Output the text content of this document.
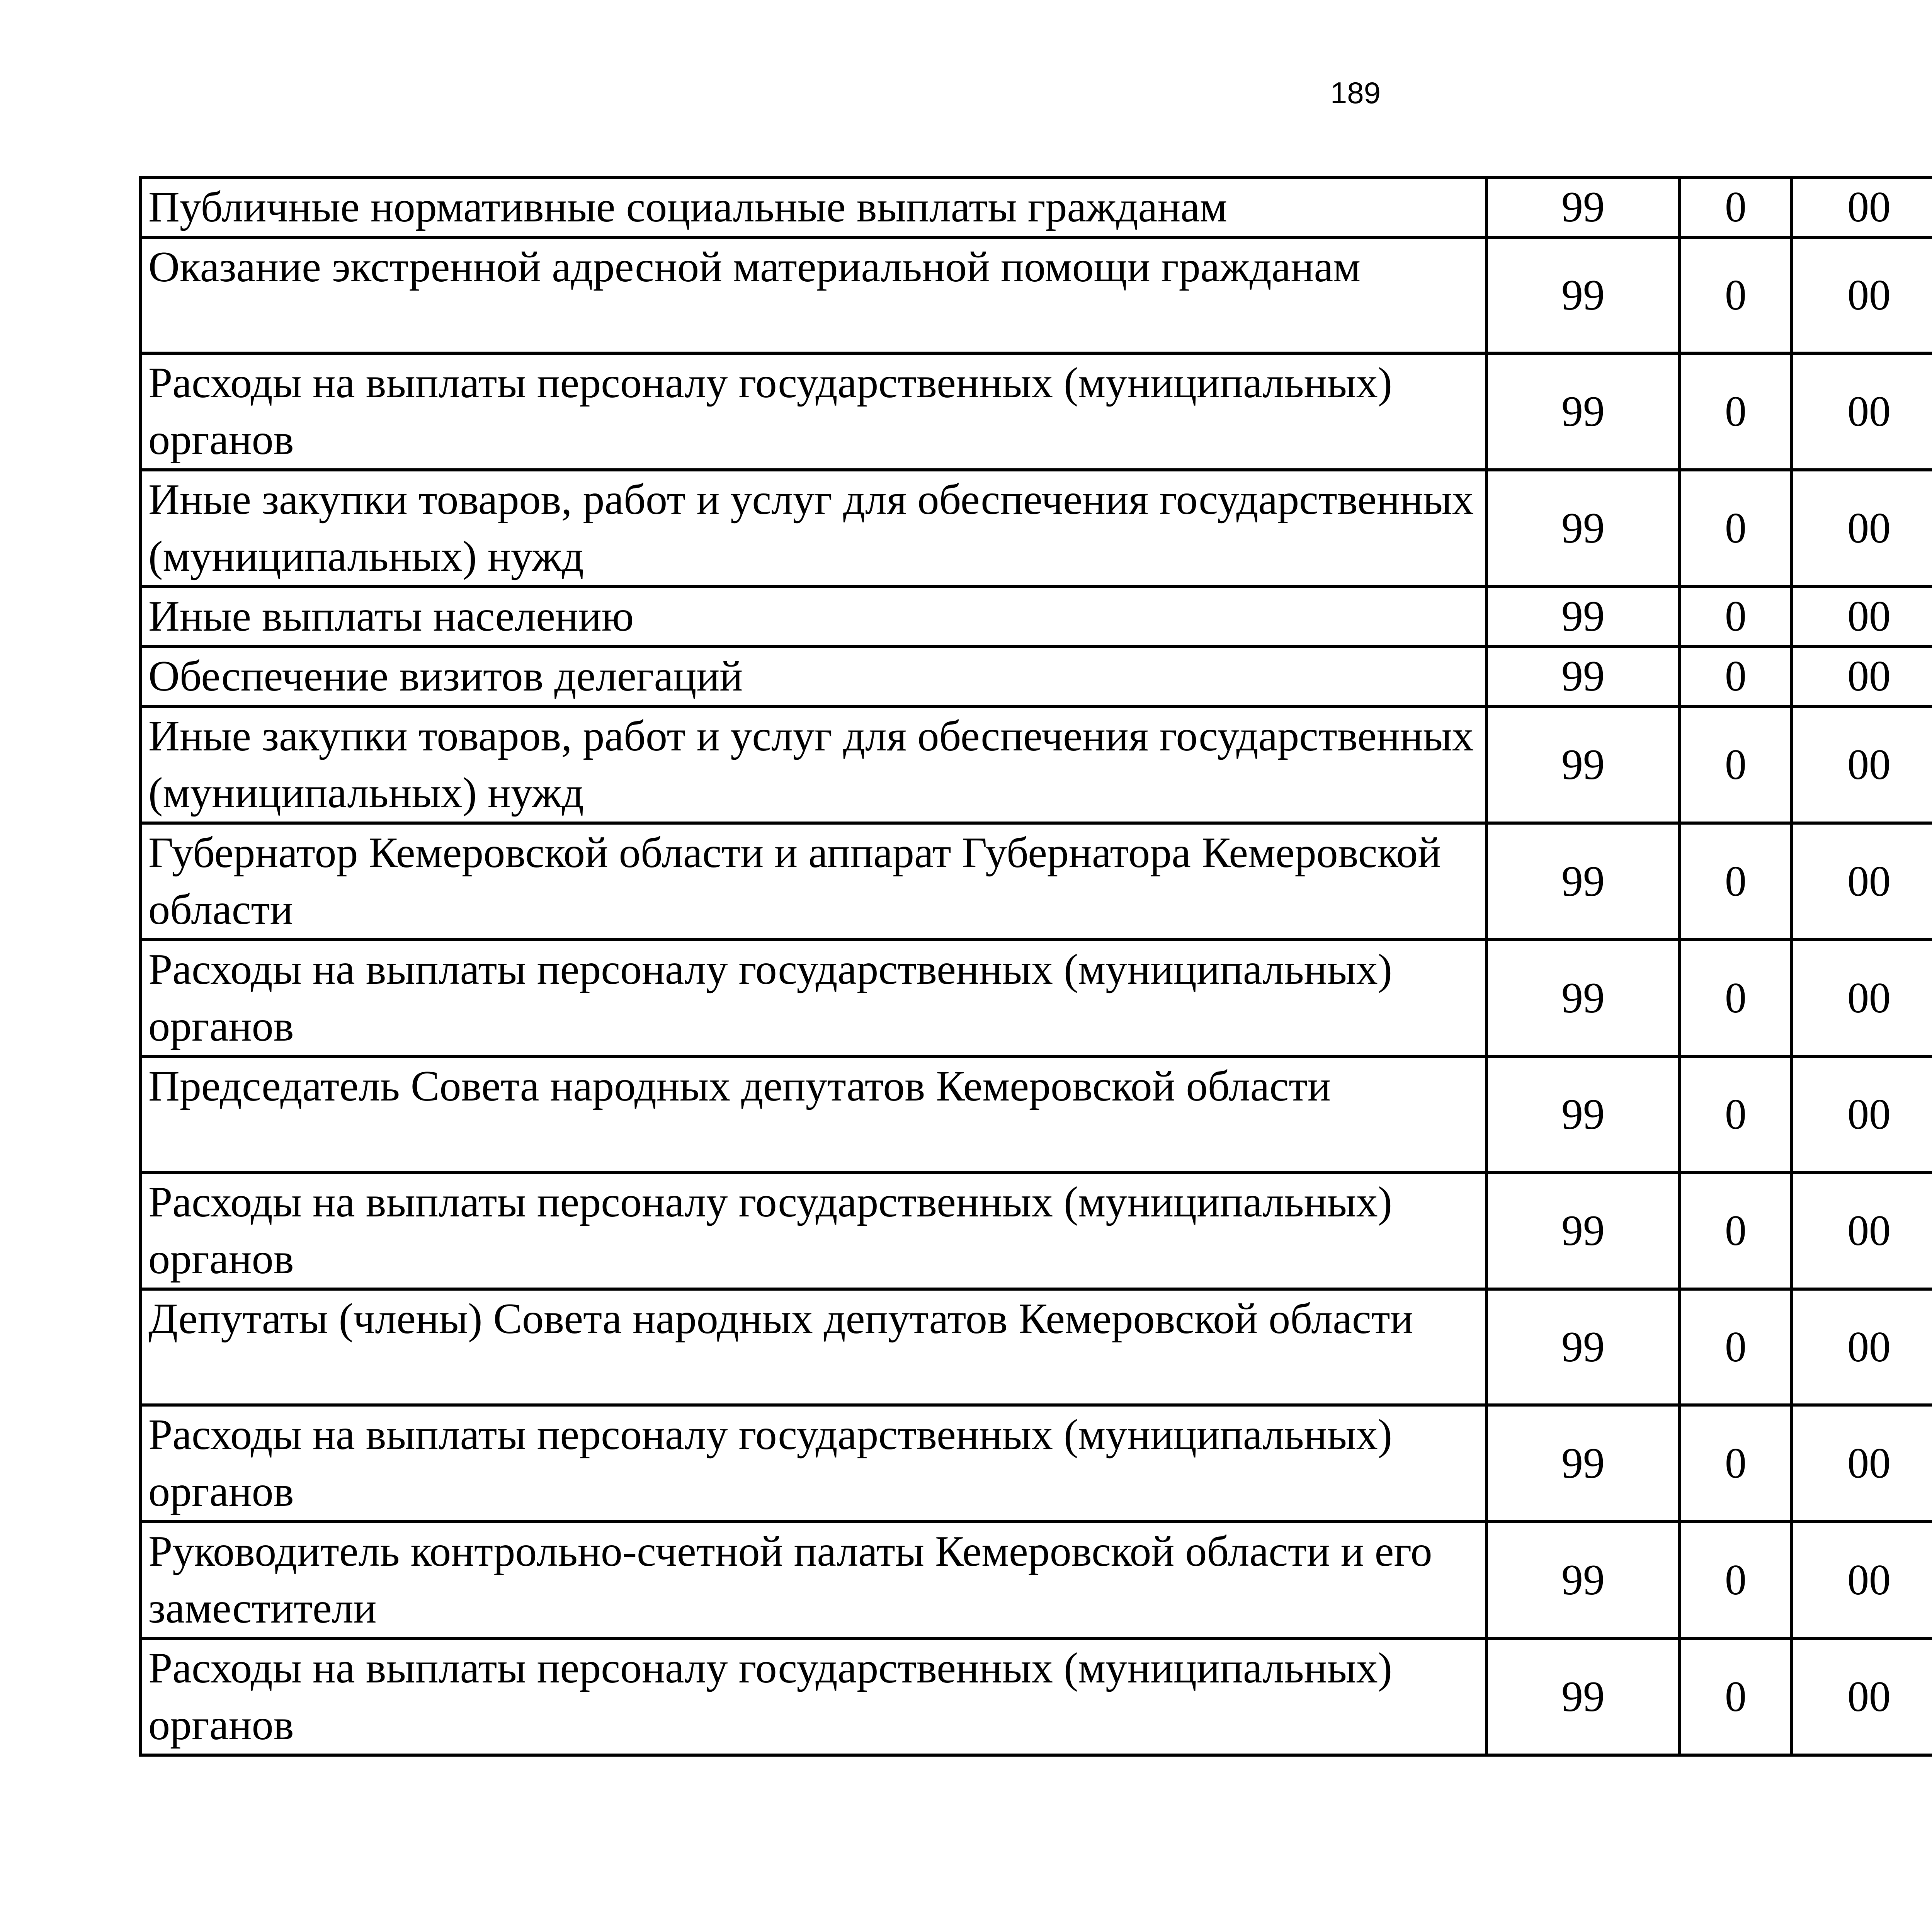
189
Публичные нормативные социальные выплаты гражданам	99	0	00			
Оказание экстренной адресной материальной помощи гражданам	99	0	00			
Расходы на выплаты персоналу государственных (муниципальных) органов	99	0	00			
Иные закупки товаров, работ и услуг для обеспечения государственных (муниципальных) нужд	99	0	00			
Иные выплаты населению	99	0	00			
Обеспечение визитов делегаций	99	0	00			
Иные закупки товаров, работ и услуг для обеспечения государственных (муниципальных) нужд	99	0	00			
Губернатор Кемеровской области и аппарат Губернатора Кемеровской области	99	0	00			
Расходы на выплаты персоналу государственных (муниципальных) органов	99	0	00			
Председатель Совета народных депутатов Кемеровской области	99	0	00			
Расходы на выплаты персоналу государственных (муниципальных) органов	99	0	00			
Депутаты (члены) Совета народных депутатов Кемеровской области	99	0	00			
Расходы на выплаты персоналу государственных (муниципальных) органов	99	0	00			
Руководитель контрольно-счетной палаты Кемеровской области и его заместители	99	0	00			
Расходы на выплаты персоналу государственных (муниципальных) органов	99	0	00			
